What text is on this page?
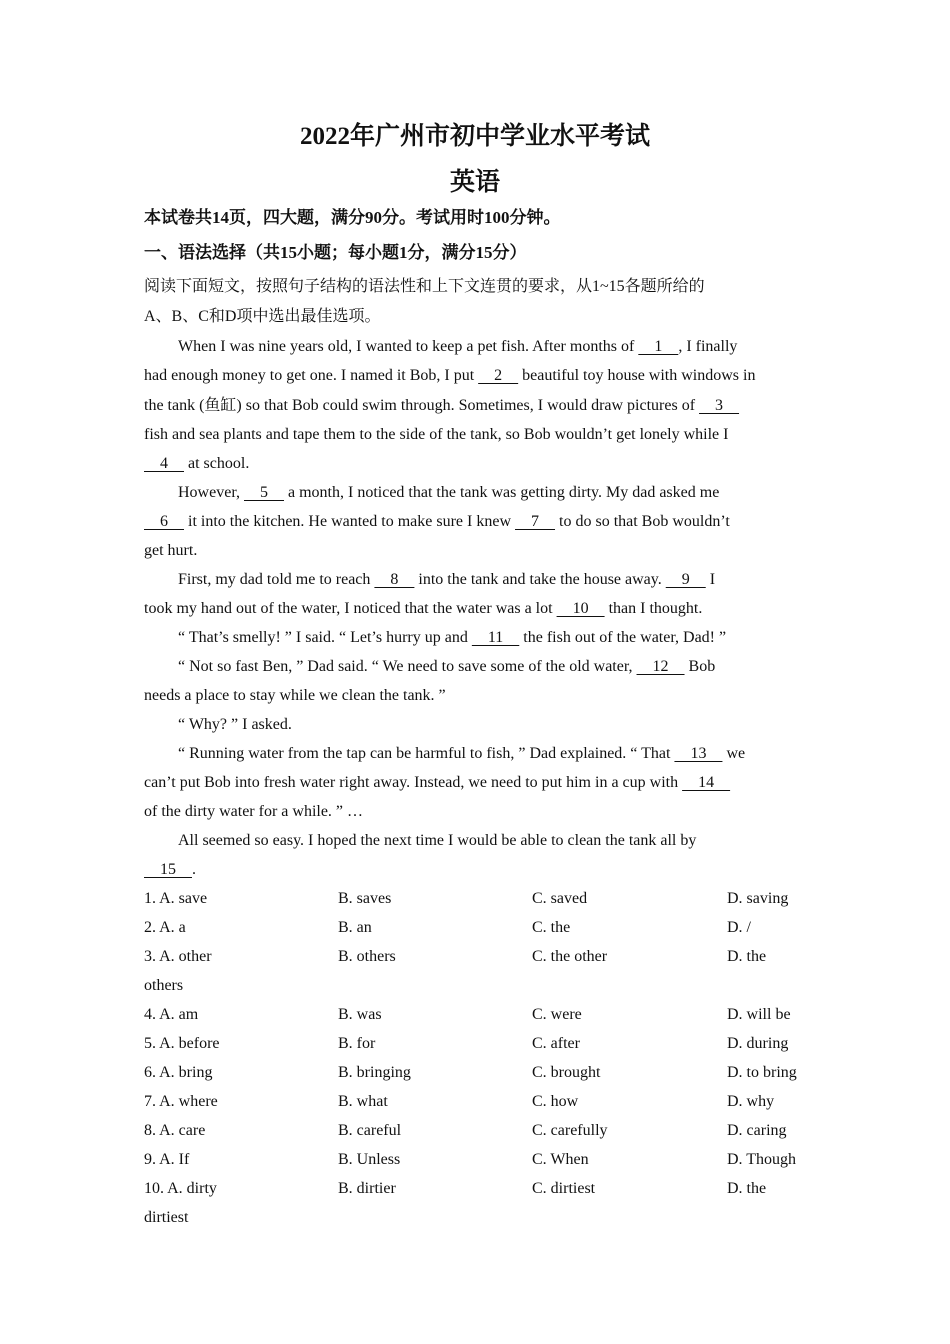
2022年广州市初中学业水平考试
英语
本试卷共14页，四大题，满分90分。考试用时100分钟。
一、语法选择（共15小题；每小题1分，满分15分）
阅读下面短文，按照句子结构的语法性和上下文连贯的要求，从1~15各题所给的
A、B、C和D项中选出最佳选项。
When I was nine years old, I wanted to keep a pet fish. After months of     1    , I finally
had enough money to get one. I named it Bob, I put     2     beautiful toy house with windows in
the tank (鱼缸) so that Bob could swim through. Sometimes, I would draw pictures of     3
fish and sea plants and tape them to the side of the tank, so Bob wouldn’t get lonely while I
4     at school.
However,     5     a month, I noticed that the tank was getting dirty. My dad asked me
6     it into the kitchen. He wanted to make sure I knew     7     to do so that Bob wouldn’t
get hurt.
First, my dad told me to reach     8     into the tank and take the house away.     9     I
took my hand out of the water, I noticed that the water was a lot     10     than I thought.
“ That’s smelly! ” I said. “ Let’s hurry up and     11     the fish out of the water, Dad! ”
“ Not so fast Ben, ” Dad said. “ We need to save some of the old water,     12     Bob
needs a place to stay while we clean the tank. ”
“ Why? ” I asked.
“ Running water from the tap can be harmful to fish, ” Dad explained. “ That     13     we
can’t put Bob into fresh water right away. Instead, we need to put him in a cup with     14
of the dirty water for a while. ” …
All seemed so easy. I hoped the next time I would be able to clean the tank all by
15    .
1. A. save	B. saves	C. saved	D. saving
2. A. a	B. an	C. the	D. /
3. A. other	B. others	C. the other	D. the
others
4. A. am	B. was	C. were	D. will be
5. A. before	B. for	C. after	D. during
6. A. bring	B. bringing	C. brought	D. to bring
7. A. where	B. what	C. how	D. why
8. A. care	B. careful	C. carefully	D. caring
9. A. If	B. Unless	C. When	D. Though
10. A. dirty	B. dirtier	C. dirtiest	D. the
dirtiest
